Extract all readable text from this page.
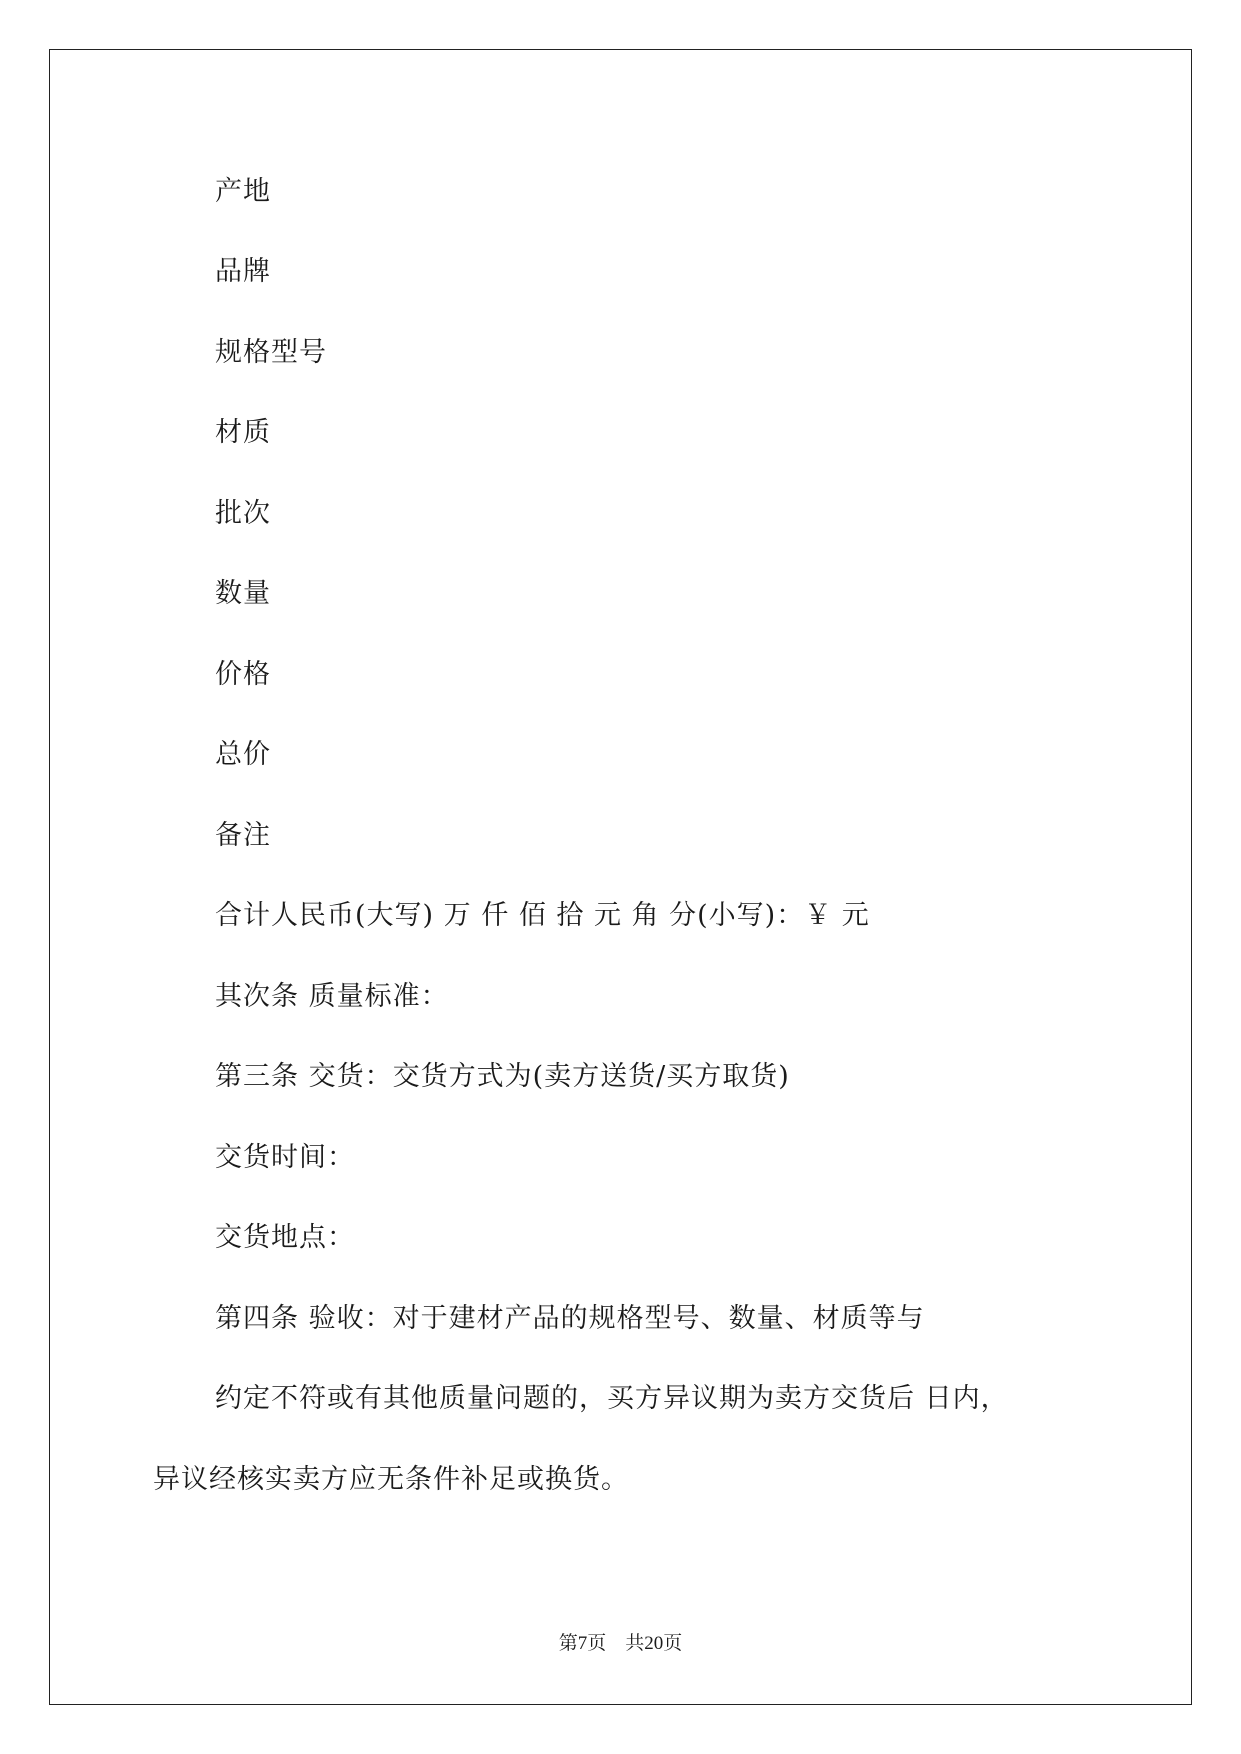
产地
品牌
规格型号
材质
批次
数量
价格
总价
备注
合计人民币(大写) 万 仟 佰 拾 元 角 分(小写)：￥ 元
其次条 质量标准：
第三条 交货：交货方式为(卖方送货/买方取货)
交货时间：
交货地点：
第四条 验收：对于建材产品的规格型号、数量、材质等与
约定不符或有其他质量问题的，买方异议期为卖方交货后 日内，
异议经核实卖方应无条件补足或换货。
第7页　共20页
